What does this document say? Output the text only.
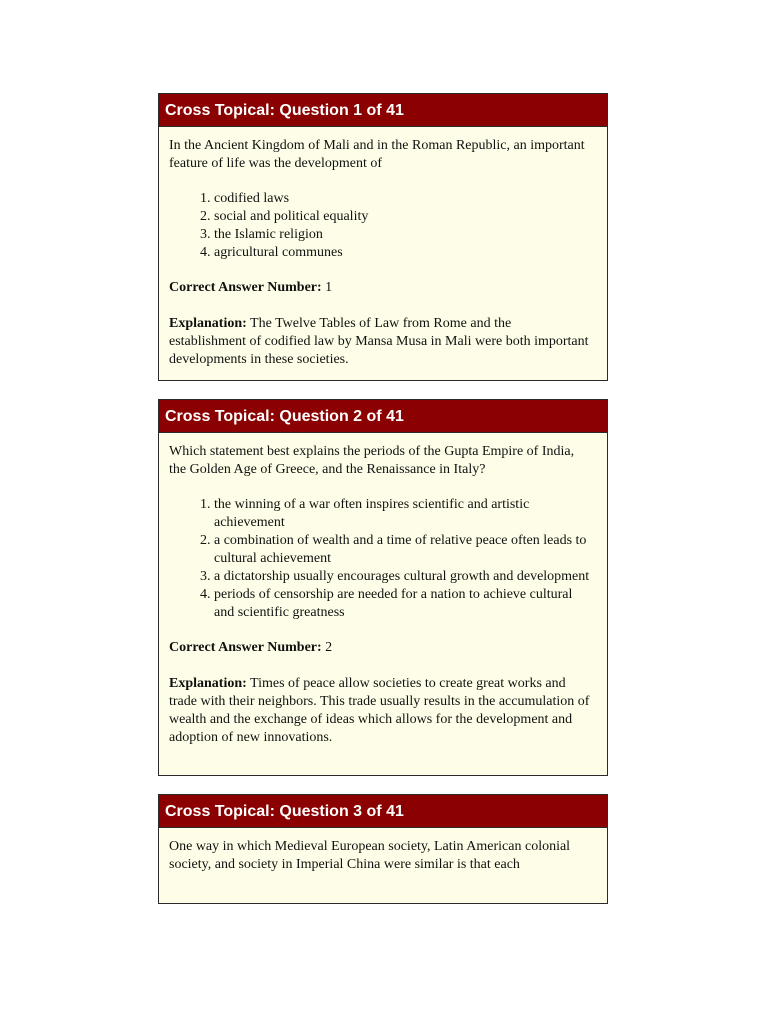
Cross Topical: Question 1 of 41

In the Ancient Kingdom of Mali and in the Roman Republic, an important feature of life was the development of

1. codified laws
2. social and political equality
3. the Islamic religion
4. agricultural communes

Correct Answer Number: 1

Explanation: The Twelve Tables of Law from Rome and the establishment of codified law by Mansa Musa in Mali were both important developments in these societies.

Cross Topical: Question 2 of 41

Which statement best explains the periods of the Gupta Empire of India, the Golden Age of Greece, and the Renaissance in Italy?

1. the winning of a war often inspires scientific and artistic achievement
2. a combination of wealth and a time of relative peace often leads to cultural achievement
3. a dictatorship usually encourages cultural growth and development
4. periods of censorship are needed for a nation to achieve cultural and scientific greatness

Correct Answer Number: 2

Explanation: Times of peace allow societies to create great works and trade with their neighbors. This trade usually results in the accumulation of wealth and the exchange of ideas which allows for the development and adoption of new innovations.

Cross Topical: Question 3 of 41

One way in which Medieval European society, Latin American colonial society, and society in Imperial China were similar is that each
